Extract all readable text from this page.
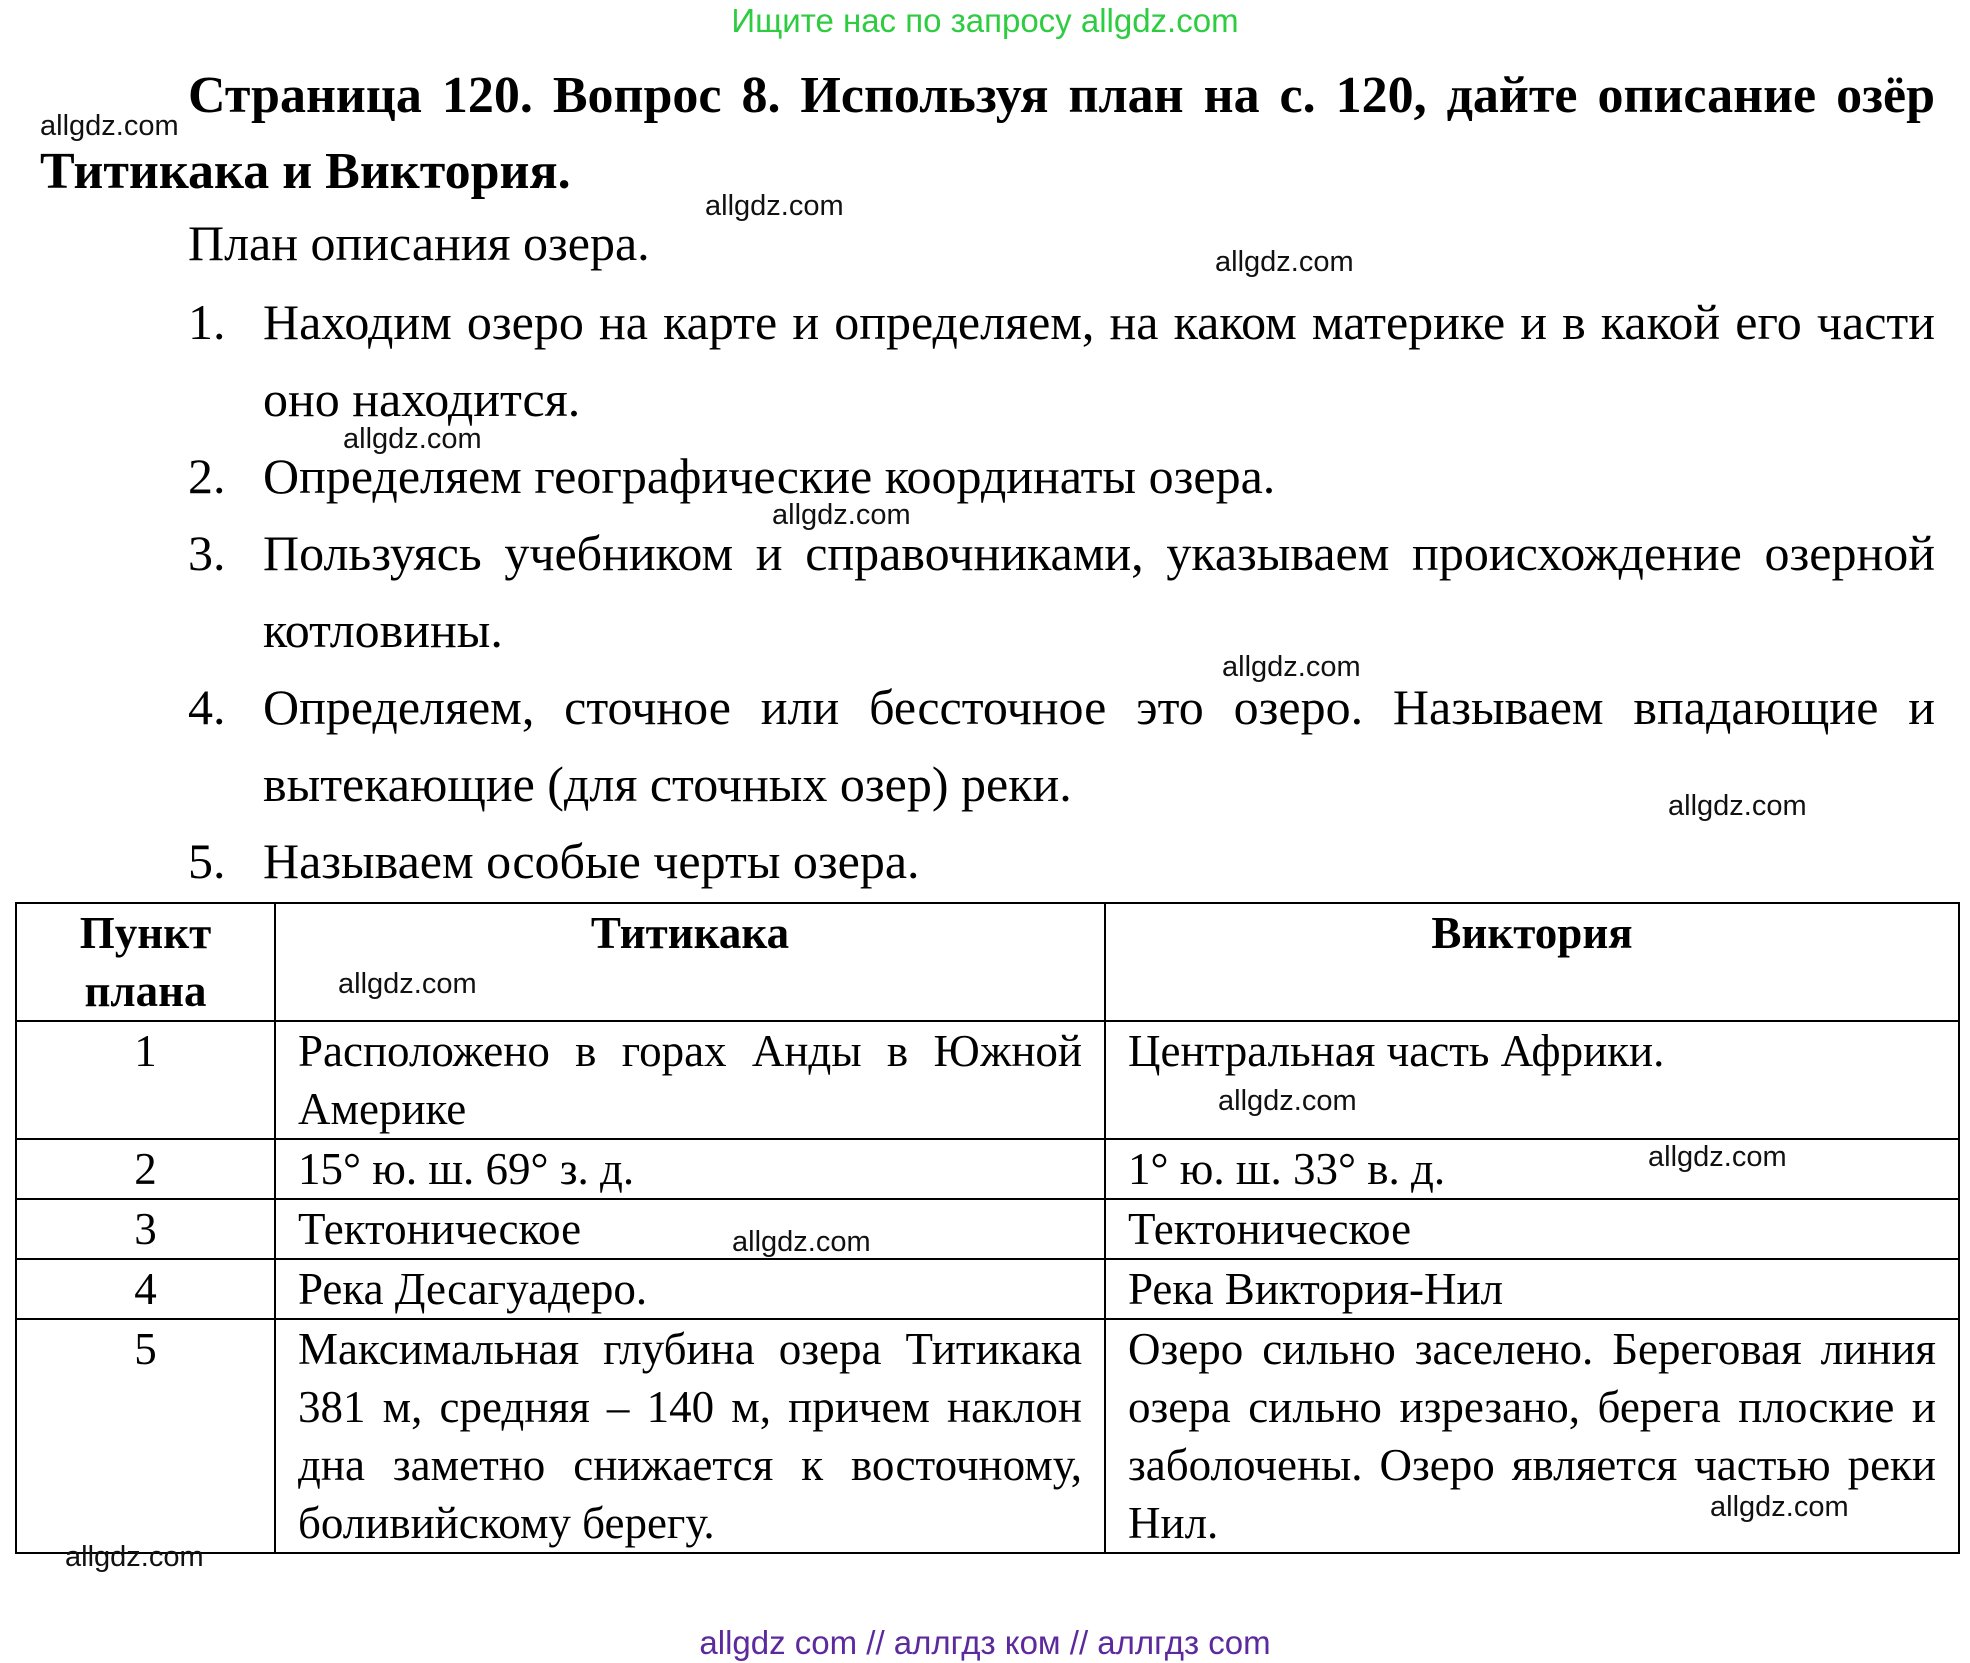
Ищите нас по запросу allgdz.com
Страница 120. Вопрос 8. Используя план на с. 120, дайте описание озёр Титикака и Виктория.
План описания озера.
1. Находим озеро на карте и определяем, на каком материке и в какой его части оно находится.
2. Определяем географические координаты озера.
3. Пользуясь учебником и справочниками, указываем происхождение озерной котловины.
4. Определяем, сточное или бессточное это озеро. Называем впадающие и вытекающие (для сточных озер) реки.
5. Называем особые черты озера.
Пункт плана	Титикака	Виктория
1	Расположено в горах Анды в Южной Америке	Центральная часть Африки.
2	15° ю. ш. 69° з. д.	1° ю. ш. 33° в. д.
3	Тектоническое	Тектоническое
4	Река Десагуадеро.	Река Виктория-Нил
5	Максимальная глубина озера Титикака 381 м, средняя – 140 м, причем наклон дна заметно снижается к восточному, боливийскому берегу.	Озеро сильно заселено. Береговая линия озера сильно изрезано, берега плоские и заболочены. Озеро является частью реки Нил.
allgdz.com
allgdz.com
allgdz.com
allgdz.com
allgdz.com
allgdz.com
allgdz.com
allgdz.com
allgdz.com
allgdz.com
allgdz.com
allgdz.com
allgdz.com
allgdz com // аллгдз ком // аллгдз com
